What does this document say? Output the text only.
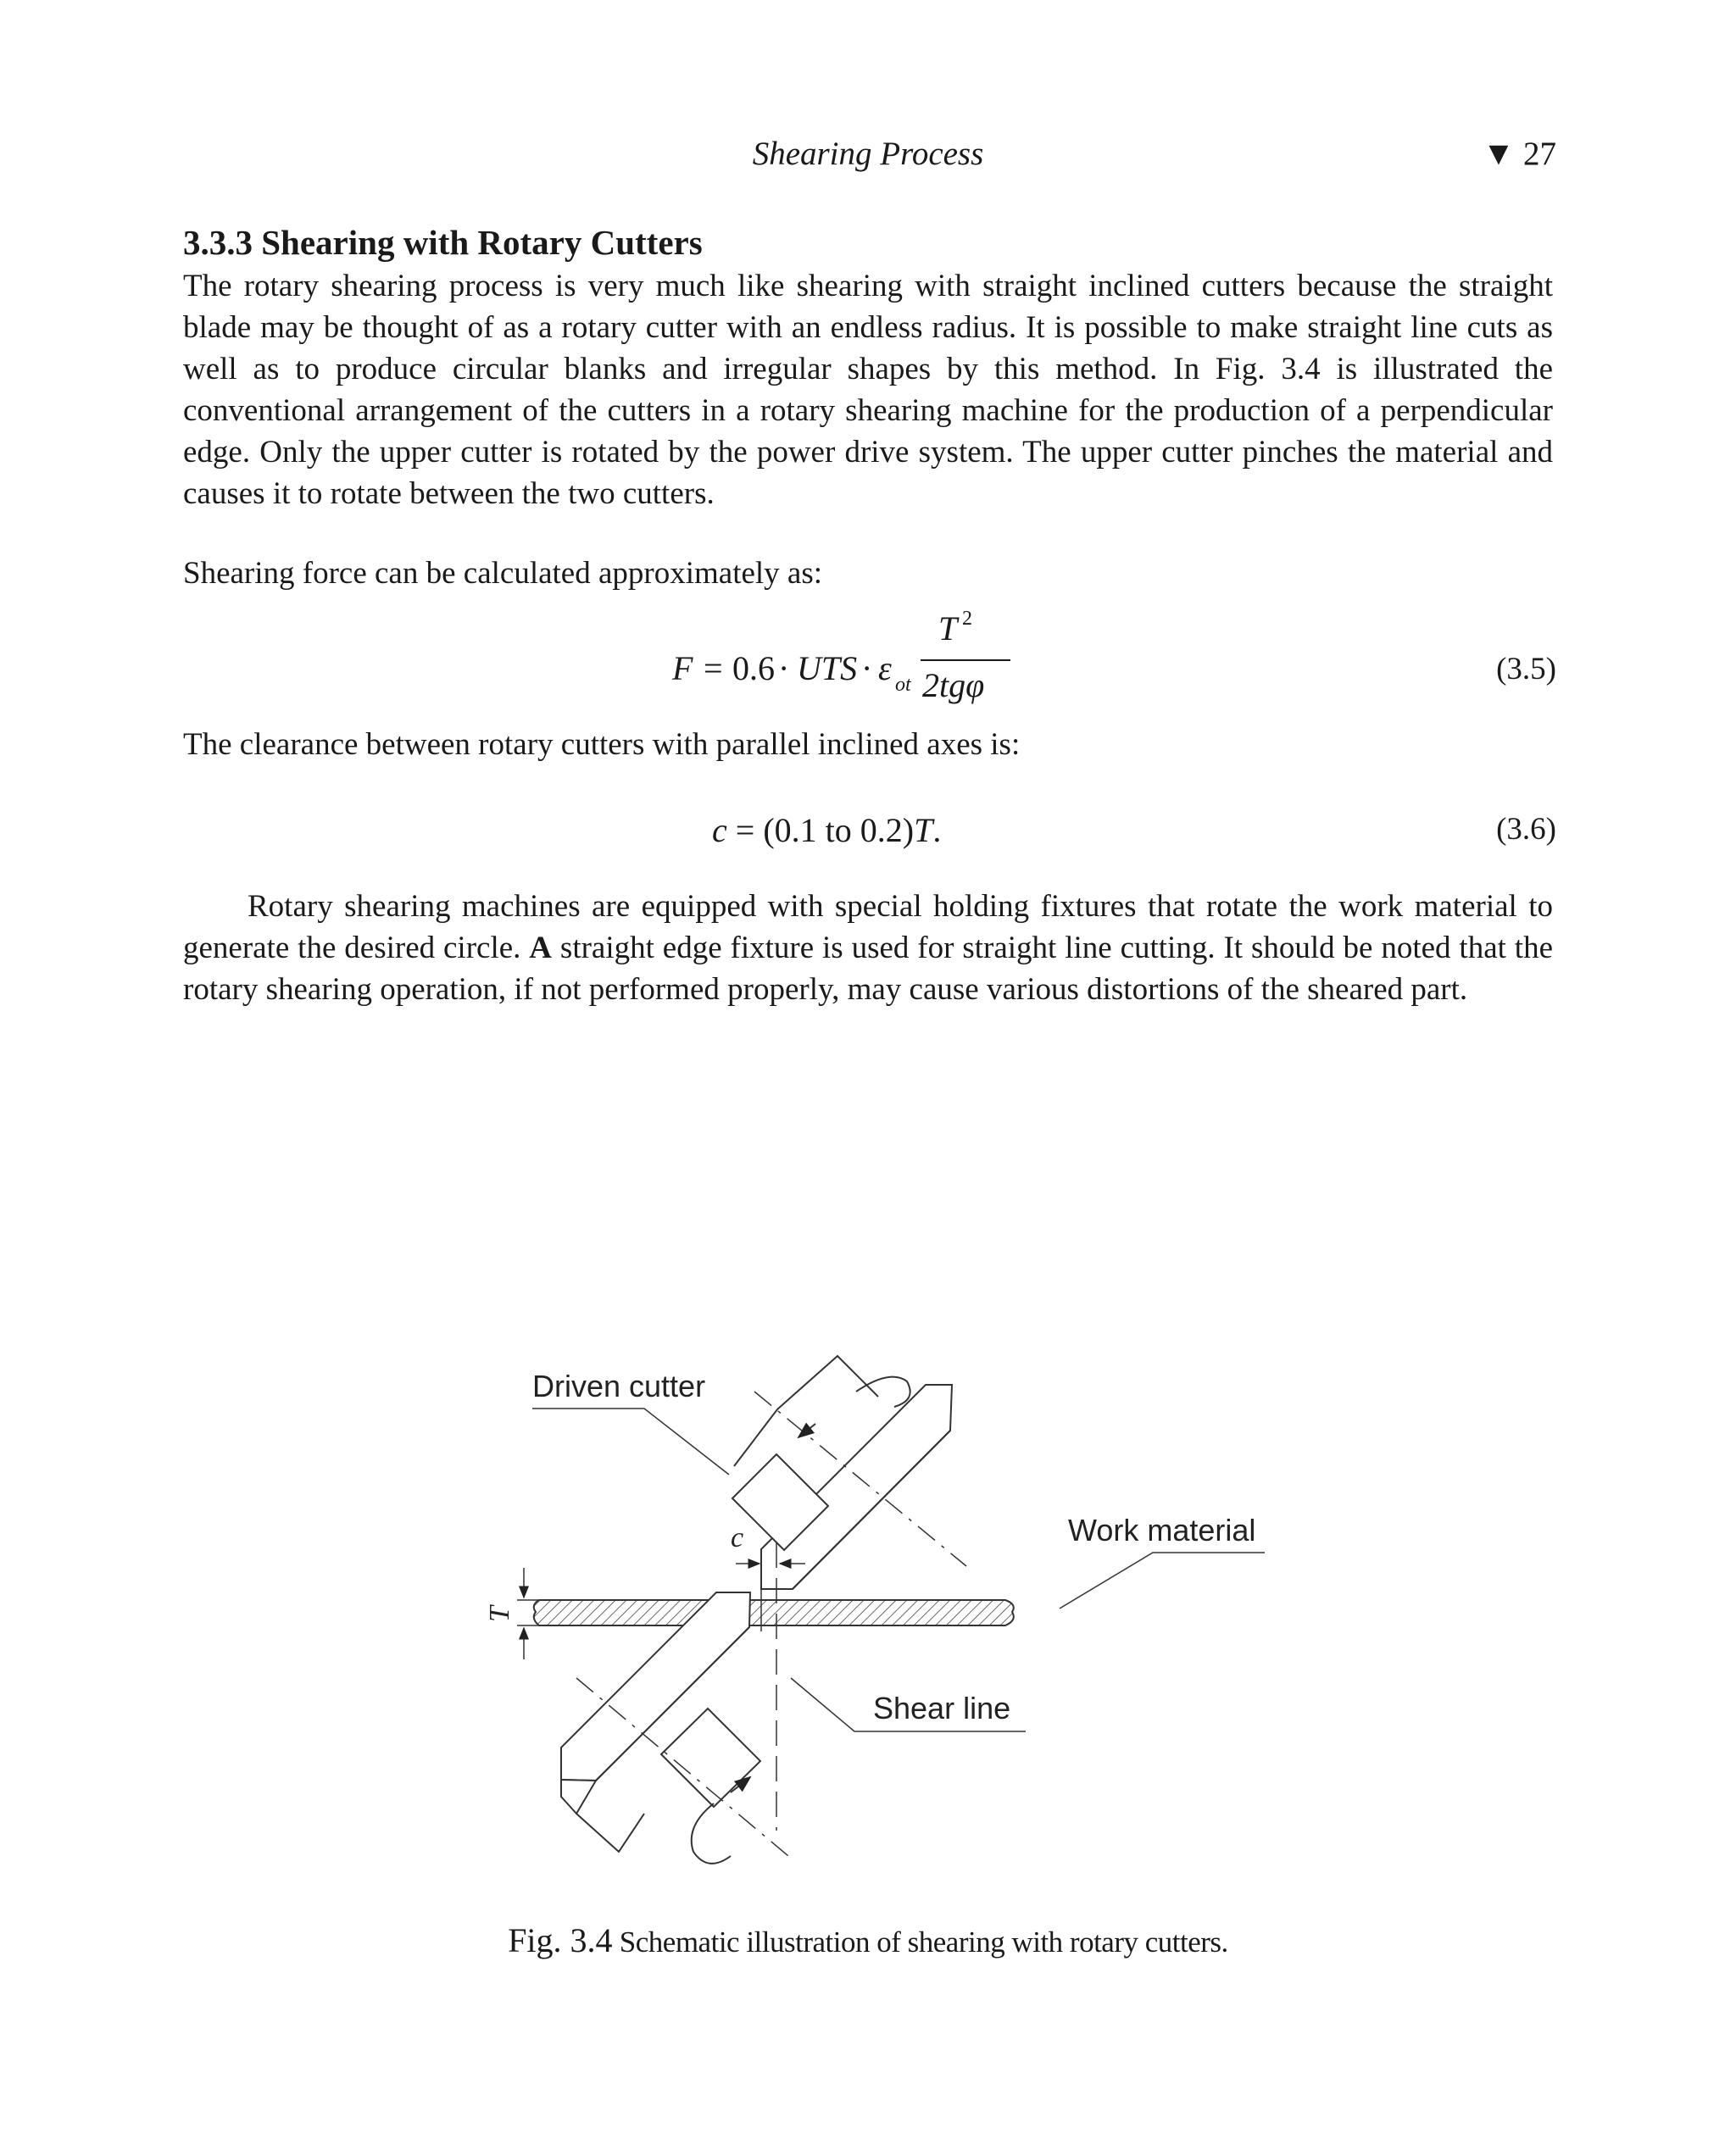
Shearing Process	▼ 27
3.3.3 Shearing with Rotary Cutters
The rotary shearing process is very much like shearing with straight inclined cutters because the straight blade may be thought of as a rotary cutter with an endless radius. It is possible to make straight line cuts as well as to produce circular blanks and irregular shapes by this method. In Fig. 3.4 is illustrated the conventional arrangement of the cutters in a rotary shearing machine for the production of a perpendicular edge. Only the upper cutter is rotated by the power drive system. The upper cutter pinches the material and causes it to rotate between the two cutters.
Shearing force can be calculated approximately as:
F = 0.6 · UTS · ε ot
T 2
2tgφ	(3.5)
The clearance between rotary cutters with parallel inclined axes is:
c = (0.1 to 0.2)T.	(3.6)
Rotary shearing machines are equipped with special holding fixtures that rotate the work material to generate the desired circle. A straight edge fixture is used for straight line cutting. It should be noted that the rotary shearing operation, if not performed properly, may cause various distortions of the sheared part.
Driven cutter
Work material
Shear line
c
T
Fig. 3.4 Schematic illustration of shearing with rotary cutters.
